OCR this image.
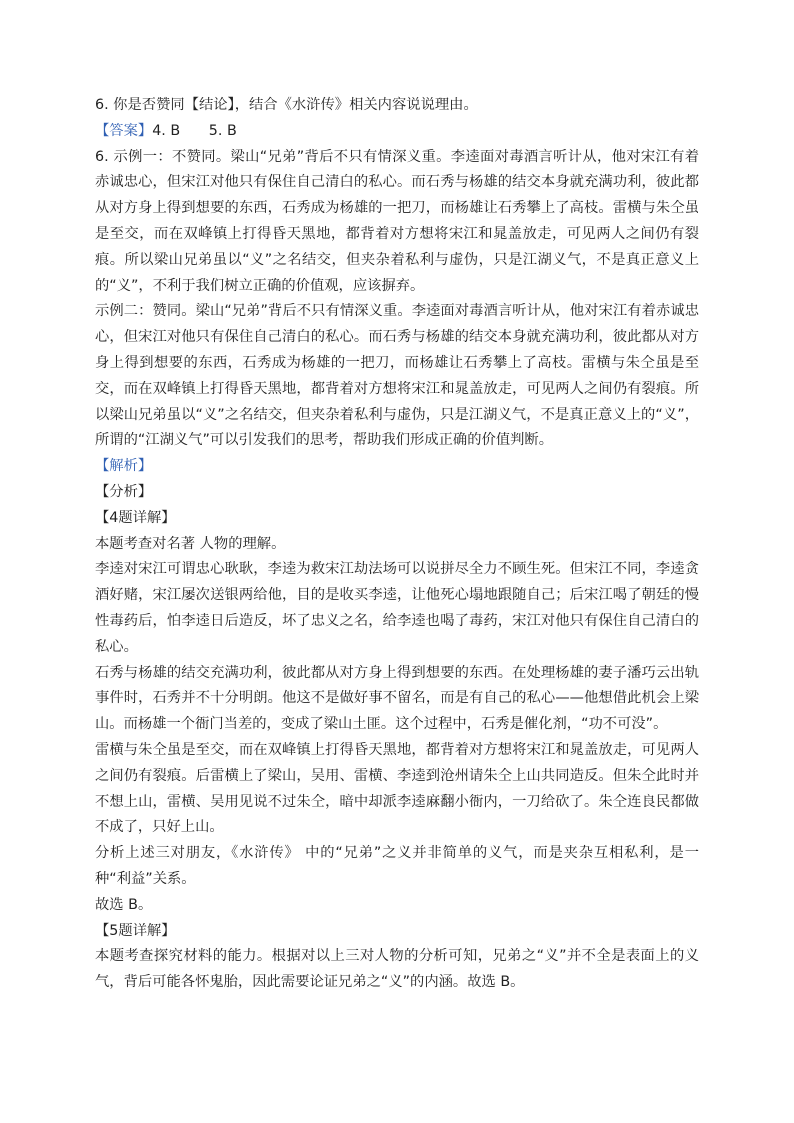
6. 你是否赞同【结论】，结合《水浒传》相关内容说说理由。

【答案】4. B　　5. B

6. 示例一：不赞同。梁山“兄弟”背后不只有情深义重。李逵面对毒酒言听计从，他对宋江有着赤诚忠心，但宋江对他只有保住自己清白的私心。而石秀与杨雄的结交本身就充满功利，彼此都从对方身上得到想要的东西，石秀成为杨雄的一把刀，而杨雄让石秀攀上了高枝。雷横与朱仝虽是至交，而在双峰镇上打得昏天黑地，都背着对方想将宋江和晁盖放走，可见两人之间仍有裂痕。所以梁山兄弟虽以“义”之名结交，但夹杂着私利与虚伪，只是江湖义气，不是真正意义上的“义”，不利于我们树立正确的价值观，应该摒弃。

示例二：赞同。梁山“兄弟”背后不只有情深义重。李逵面对毒酒言听计从，他对宋江有着赤诚忠心，但宋江对他只有保住自己清白的私心。而石秀与杨雄的结交本身就充满功利，彼此都从对方身上得到想要的东西，石秀成为杨雄的一把刀，而杨雄让石秀攀上了高枝。雷横与朱仝虽是至交，而在双峰镇上打得昏天黑地，都背着对方想将宋江和晁盖放走，可见两人之间仍有裂痕。所以梁山兄弟虽以“义”之名结交，但夹杂着私利与虚伪，只是江湖义气，不是真正意义上的“义”，所谓的“江湖义气”可以引发我们的思考，帮助我们形成正确的价值判断。

【解析】

【分析】

【4题详解】

本题考查对名著 人物的理解。

李逵对宋江可谓忠心耿耿，李逵为救宋江劫法场可以说拼尽全力不顾生死。但宋江不同，李逵贪酒好赌，宋江屡次送银两给他，目的是收买李逵，让他死心塌地跟随自己；后宋江喝了朝廷的慢性毒药后，怕李逵日后造反，坏了忠义之名，给李逵也喝了毒药，宋江对他只有保住自己清白的私心。

石秀与杨雄的结交充满功利，彼此都从对方身上得到想要的东西。在处理杨雄的妻子潘巧云出轨事件时，石秀并不十分明朗。他这不是做好事不留名，而是有自己的私心——他想借此机会上梁山。而杨雄一个衙门当差的，变成了梁山土匪。这个过程中，石秀是催化剂，“功不可没”。

雷横与朱仝虽是至交，而在双峰镇上打得昏天黑地，都背着对方想将宋江和晁盖放走，可见两人之间仍有裂痕。后雷横上了梁山，吴用、雷横、李逵到沧州请朱仝上山共同造反。但朱仝此时并不想上山，雷横、吴用见说不过朱仝，暗中却派李逵麻翻小衙内，一刀给砍了。朱仝连良民都做不成了，只好上山。

分析上述三对朋友，《水浒传》 中的“兄弟”之义并非简单的义气，而是夹杂互相私利，是一种“利益”关系。

故选 B。

【5题详解】

本题考查探究材料的能力。根据对以上三对人物的分析可知，兄弟之“义”并不全是表面上的义气，背后可能各怀鬼胎，因此需要论证兄弟之“义”的内涵。故选 B。
